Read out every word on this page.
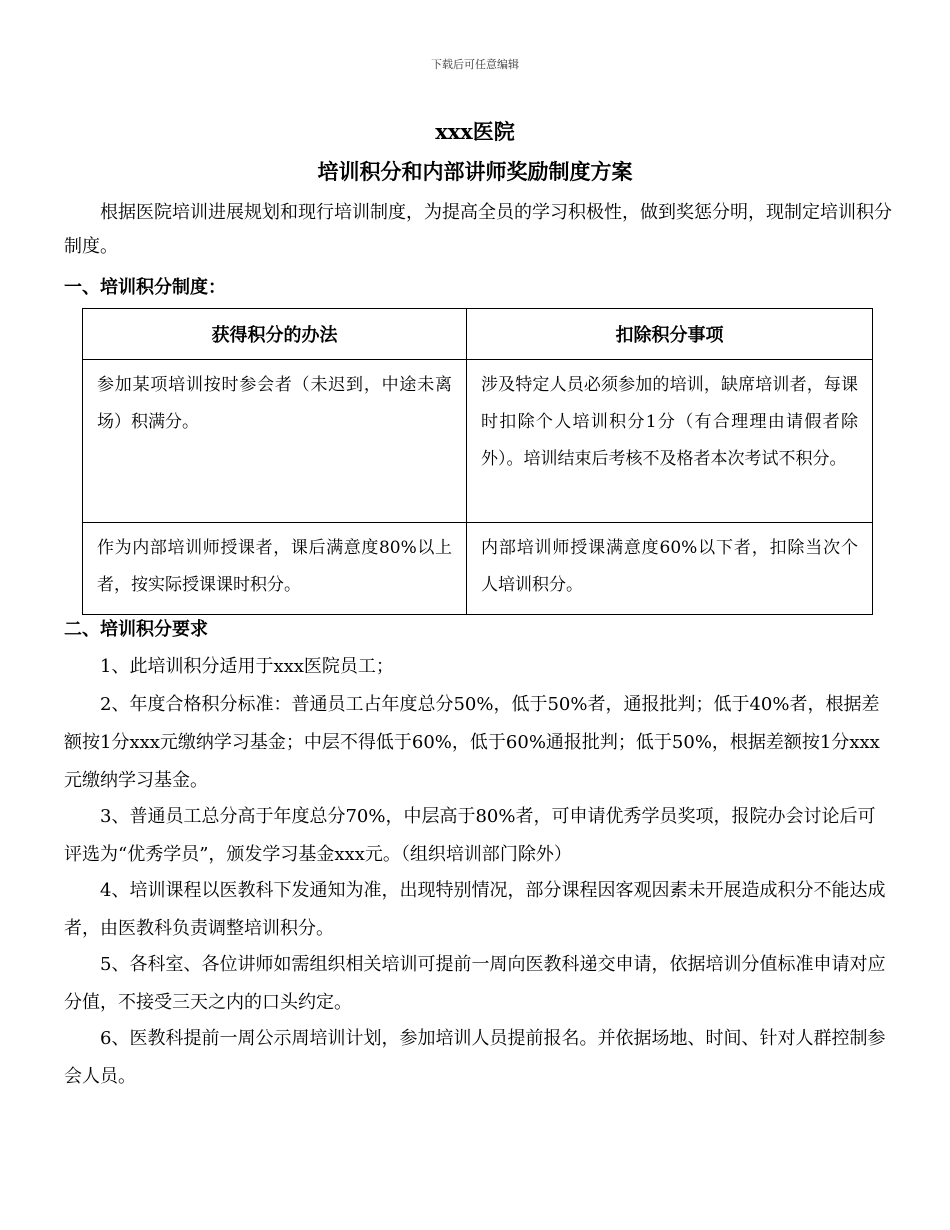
下载后可任意编辑
xxx医院
培训积分和内部讲师奖励制度方案
根据医院培训进展规划和现行培训制度，为提高全员的学习积极性，做到奖惩分明，现制定培训积分制度。
一、培训积分制度：
获得积分的办法	扣除积分事项
参加某项培训按时参会者（未迟到，中途未离场）积满分。	涉及特定人员必须参加的培训，缺席培训者，每课时扣除个人培训积分1分（有合理理由请假者除外）。培训结束后考核不及格者本次考试不积分。
作为内部培训师授课者，课后满意度80%以上者，按实际授课课时积分。	内部培训师授课满意度60%以下者，扣除当次个人培训积分。
二、培训积分要求
1、此培训积分适用于xxx医院员工；
2、年度合格积分标准：普通员工占年度总分50%，低于50%者，通报批判；低于40%者，根据差额按1分xxx元缴纳学习基金；中层不得低于60%，低于60%通报批判；低于50%，根据差额按1分xxx元缴纳学习基金。
3、普通员工总分高于年度总分70%，中层高于80%者，可申请优秀学员奖项，报院办会讨论后可评选为“优秀学员”，颁发学习基金xxx元。（组织培训部门除外）
4、培训课程以医教科下发通知为准，出现特别情况，部分课程因客观因素未开展造成积分不能达成者，由医教科负责调整培训积分。
5、各科室、各位讲师如需组织相关培训可提前一周向医教科递交申请，依据培训分值标准申请对应分值，不接受三天之内的口头约定。
6、医教科提前一周公示周培训计划，参加培训人员提前报名。并依据场地、时间、针对人群控制参会人员。
